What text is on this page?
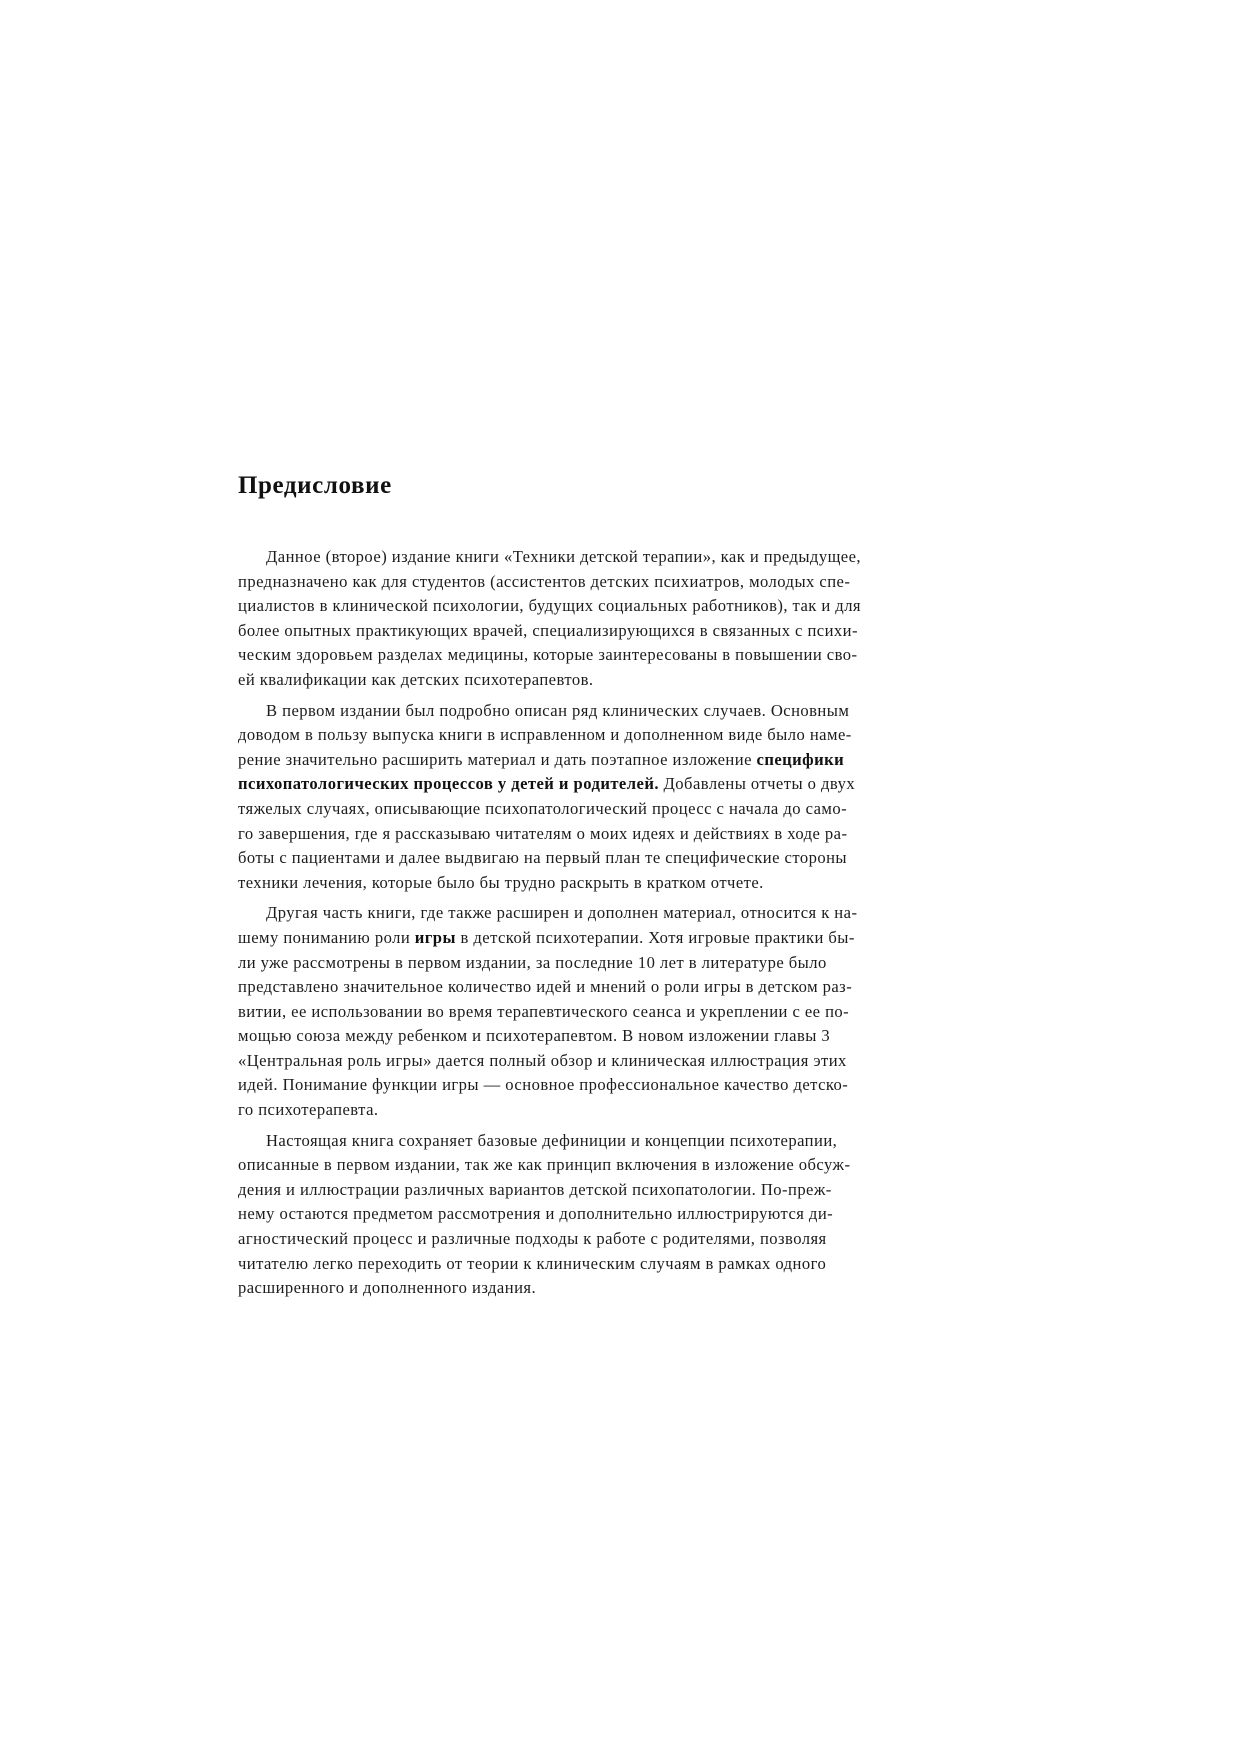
Предисловие
Данное (второе) издание книги «Техники детской терапии», как и предыдущее,
предназначено как для студентов (ассистентов детских психиатров, молодых спе-
циалистов в клинической психологии, будущих социальных работников), так и для
более опытных практикующих врачей, специализирующихся в связанных с психи-
ческим здоровьем разделах медицины, которые заинтересованы в повышении сво-
ей квалификации как детских психотерапевтов.
В первом издании был подробно описан ряд клинических случаев. Основным
доводом в пользу выпуска книги в исправленном и дополненном виде было наме-
рение значительно расширить материал и дать поэтапное изложение специфики
психопатологических процессов у детей и родителей. Добавлены отчеты о двух
тяжелых случаях, описывающие психопатологический процесс с начала до само-
го завершения, где я рассказываю читателям о моих идеях и действиях в ходе ра-
боты с пациентами и далее выдвигаю на первый план те специфические стороны
техники лечения, которые было бы трудно раскрыть в кратком отчете.
Другая часть книги, где также расширен и дополнен материал, относится к на-
шему пониманию роли игры в детской психотерапии. Хотя игровые практики бы-
ли уже рассмотрены в первом издании, за последние 10 лет в литературе было
представлено значительное количество идей и мнений о роли игры в детском раз-
витии, ее использовании во время терапевтического сеанса и укреплении с ее по-
мощью союза между ребенком и психотерапевтом. В новом изложении главы 3
«Центральная роль игры» дается полный обзор и клиническая иллюстрация этих
идей. Понимание функции игры — основное профессиональное качество детско-
го психотерапевта.
Настоящая книга сохраняет базовые дефиниции и концепции психотерапии,
описанные в первом издании, так же как принцип включения в изложение обсуж-
дения и иллюстрации различных вариантов детской психопатологии. По-преж-
нему остаются предметом рассмотрения и дополнительно иллюстрируются ди-
агностический процесс и различные подходы к работе с родителями, позволяя
читателю легко переходить от теории к клиническим случаям в рамках одного
расширенного и дополненного издания.
